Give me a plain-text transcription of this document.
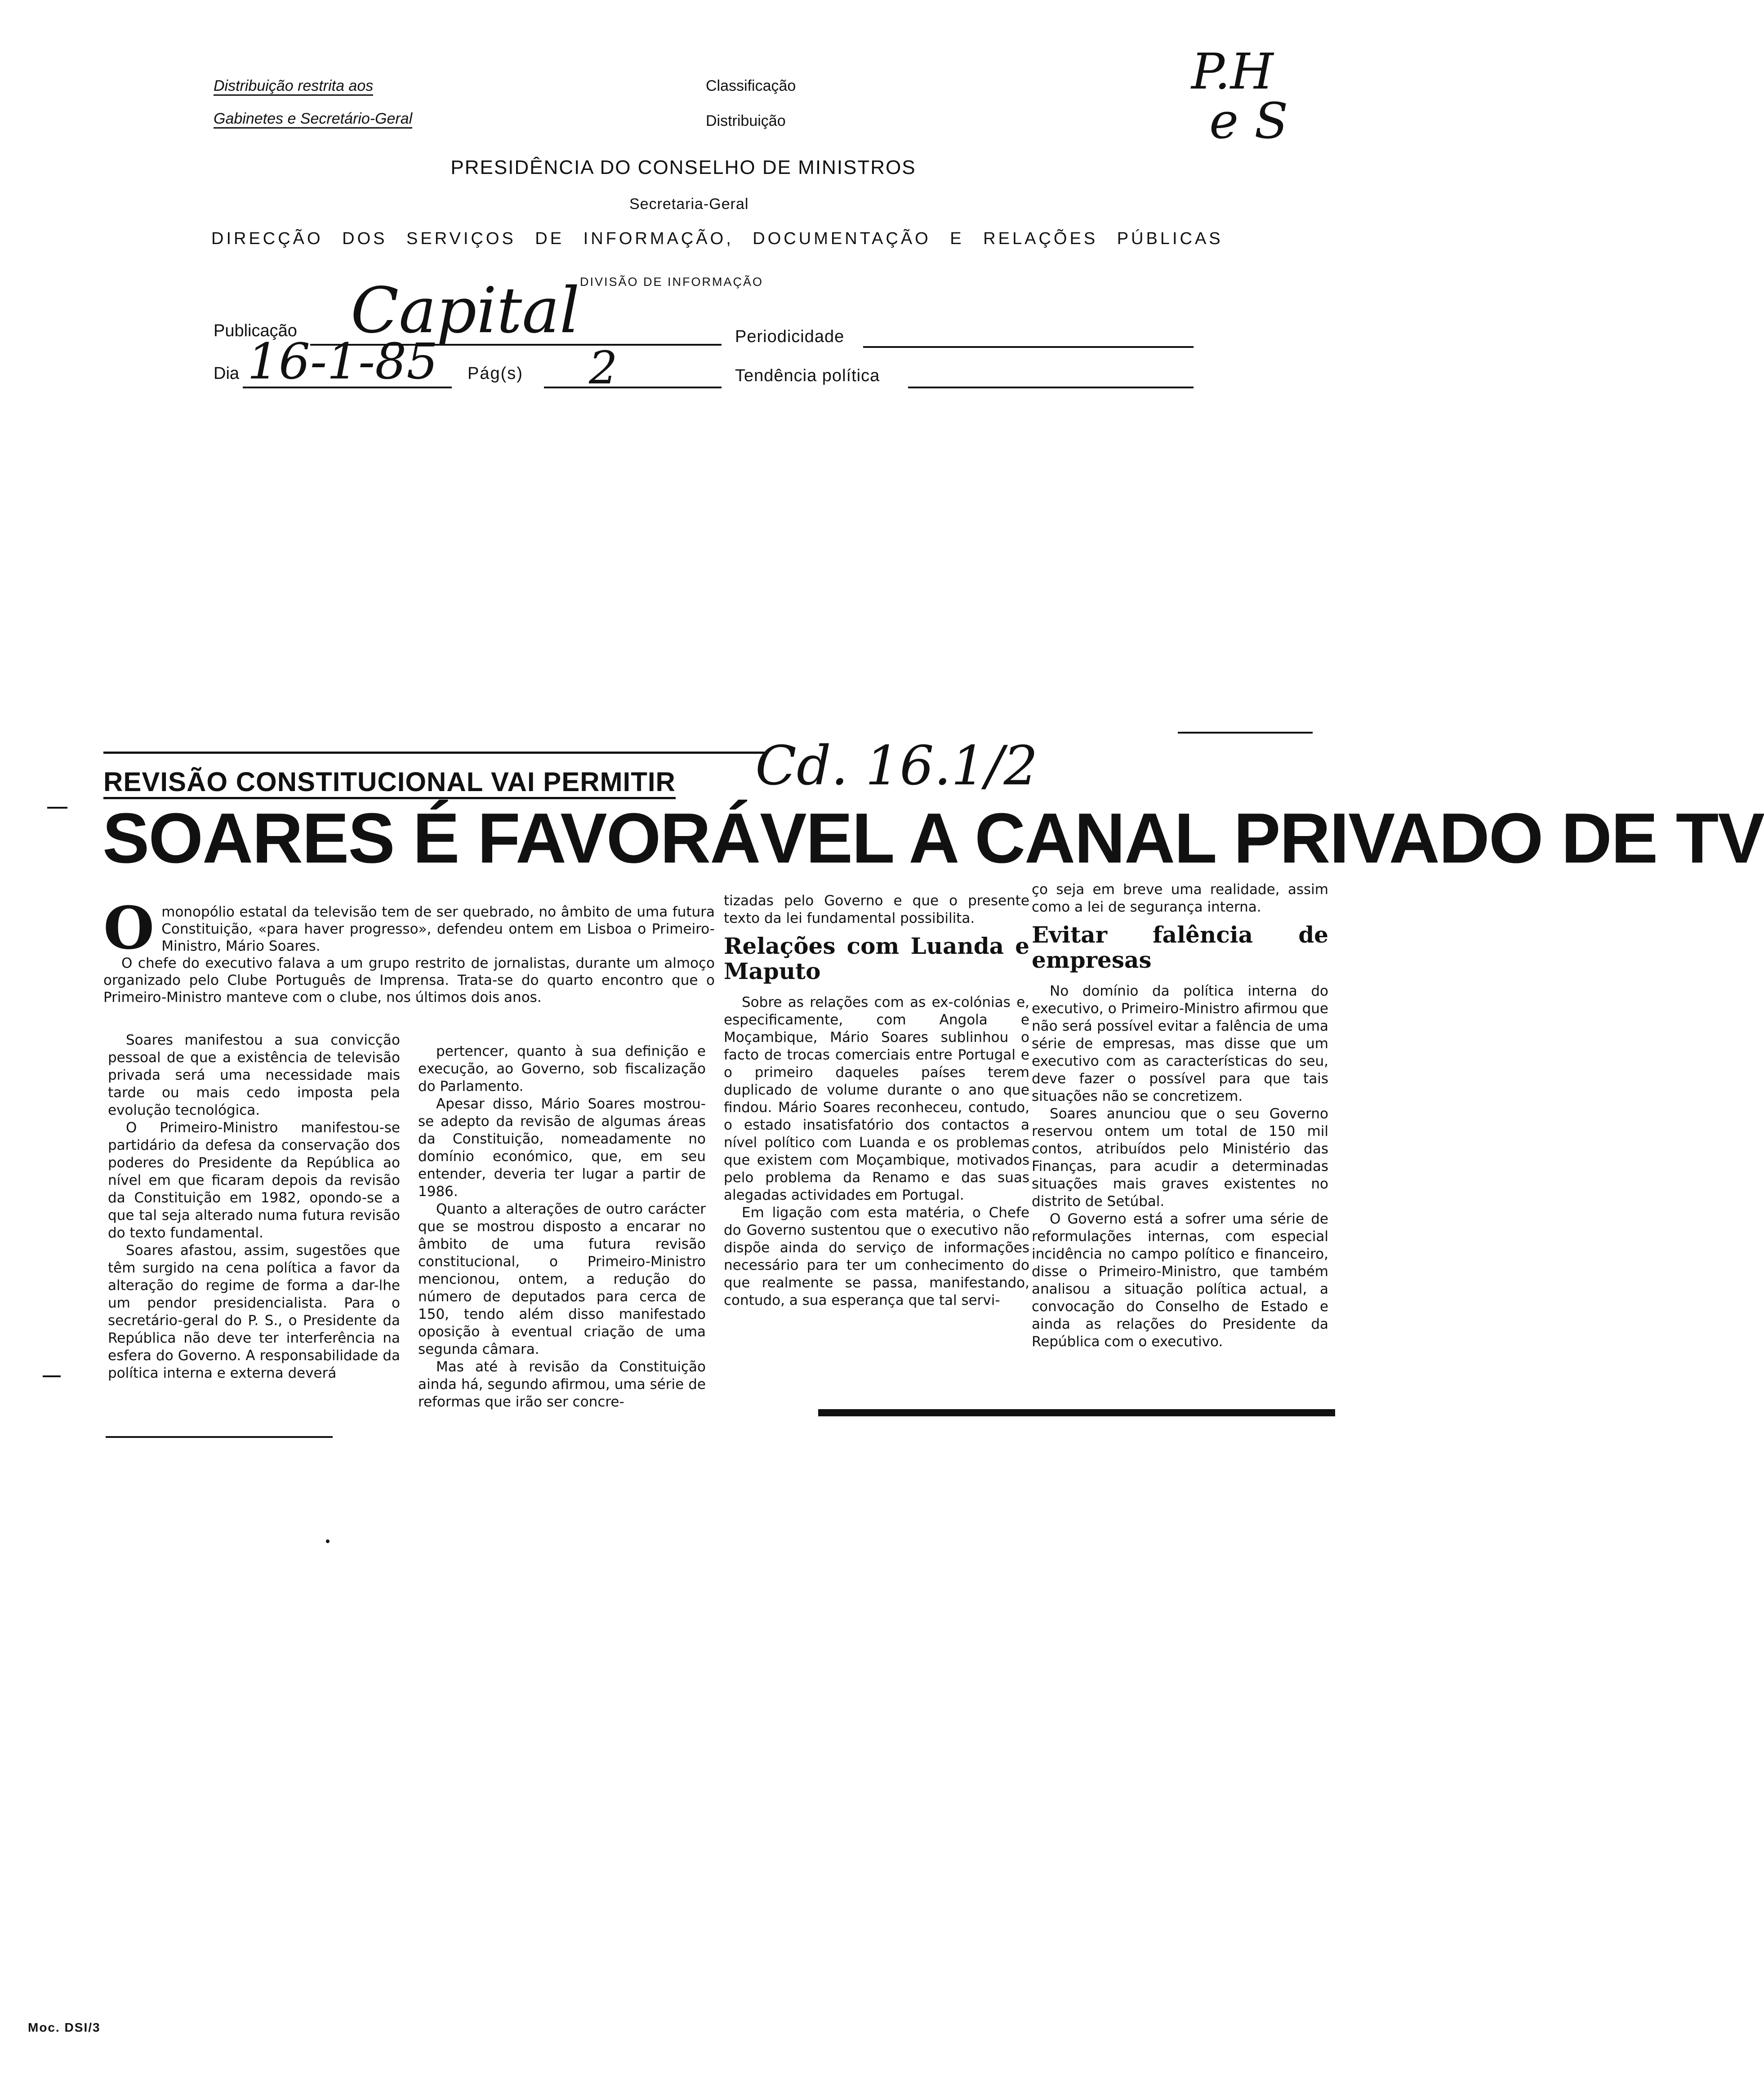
Distribuição restrita aos
Gabinetes e Secretário-Geral
Classificação
Distribuição
P.H
e S
PRESIDÊNCIA DO CONSELHO DE MINISTROS
Secretaria-Geral
DIRECÇÃO DOS SERVIÇOS DE INFORMAÇÃO, DOCUMENTAÇÃO E RELAÇÕES PÚBLICAS
DIVISÃO DE INFORMAÇÃO
Publicação Capital	Periodicidade
Dia 16-1-85 Pág(s) 2	Tendência política
REVISÃO CONSTITUCIONAL VAI PERMITIR Cd. 16.1/2
SOARES É FAVORÁVEL A CANAL PRIVADO DE TV
O monopólio estatal da televisão tem de ser quebrado, no âmbito de uma futura Constituição, «para haver progresso», defendeu ontem em Lisboa o Primeiro-Ministro, Mário Soares.
O chefe do executivo falava a um grupo restrito de jornalistas, durante um almoço organizado pelo Clube Português de Imprensa. Trata-se do quarto encontro que o Primeiro-Ministro manteve com o clube, nos últimos dois anos.

Soares manifestou a sua convicção pessoal de que a existência de televisão privada será uma necessidade mais tarde ou mais cedo imposta pela evolução tecnológica.

O Primeiro-Ministro manifestou-se partidário da defesa da conservação dos poderes do Presidente da República ao nível em que ficaram depois da revisão da Constituição em 1982, opondo-se a que tal seja alterado numa futura revisão do texto fundamental.

Soares afastou, assim, sugestões que têm surgido na cena política a favor da alteração do regime de forma a dar-lhe um pendor presidencialista. Para o secretário-geral do P. S., o Presidente da República não deve ter interferência na esfera do Governo. A responsabilidade da política interna e externa deverá

pertencer, quanto à sua definição e execução, ao Governo, sob fiscalização do Parlamento.

Apesar disso, Mário Soares mostrou-se adepto da revisão de algumas áreas da Constituição, nomeadamente no domínio económico, que, em seu entender, deveria ter lugar a partir de 1986.

Quanto a alterações de outro carácter que se mostrou disposto a encarar no âmbito de uma futura revisão constitucional, o Primeiro-Ministro mencionou, ontem, a redução do número de deputados para cerca de 150, tendo além disso manifestado oposição à eventual criação de uma segunda câmara.

Mas até à revisão da Constituição ainda há, segundo afirmou, uma série de reformas que irão ser concre-

tizadas pelo Governo e que o presente texto da lei fundamental possibilita.

Relações com Luanda e Maputo

Sobre as relações com as ex-colónias e, especificamente, com Angola e Moçambique, Mário Soares sublinhou o facto de trocas comerciais entre Portugal e o primeiro daqueles países terem duplicado de volume durante o ano que findou. Mário Soares reconheceu, contudo, o estado insatisfatório dos contactos a nível político com Luanda e os problemas que existem com Moçambique, motivados pelo problema da Renamo e das suas alegadas actividades em Portugal.

Em ligação com esta matéria, o Chefe do Governo sustentou que o executivo não dispõe ainda do serviço de informações necessário para ter um conhecimento do que realmente se passa, manifestando, contudo, a sua esperança que tal servi-

ço seja em breve uma realidade, assim como a lei de segurança interna.

Evitar falência de empresas

No domínio da política interna do executivo, o Primeiro-Ministro afirmou que não será possível evitar a falência de uma série de empresas, mas disse que um executivo com as características do seu, deve fazer o possível para que tais situações não se concretizem.

Soares anunciou que o seu Governo reservou ontem um total de 150 mil contos, atribuídos pelo Ministério das Finanças, para acudir a determinadas situações mais graves existentes no distrito de Setúbal.

O Governo está a sofrer uma série de reformulações internas, com especial incidência no campo político e financeiro, disse o Primeiro-Ministro, que também analisou a situação política actual, a convocação do Conselho de Estado e ainda as relações do Presidente da República com o executivo.

Moc. DSI/3
